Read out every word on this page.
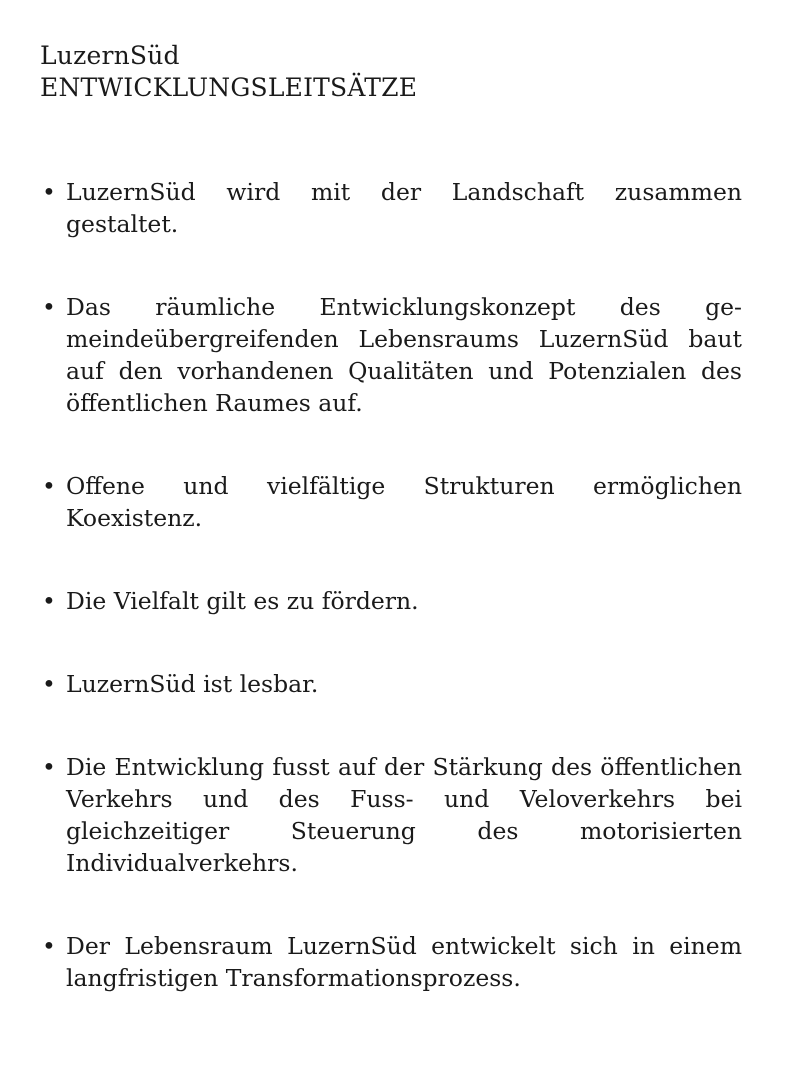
LuzernSüd
ENTWICKLUNGSLEITSÄTZE
• LuzernSüd wird mit der Landschaft zusammen gestaltet.
• Das räumliche Entwicklungskonzept des gemeindeübergreifenden Lebensraums LuzernSüd baut auf den vorhandenen Qualitäten und Potenzialen des öffentlichen Raumes auf.
• Offene und vielfältige Strukturen ermöglichen Koexistenz.
• Die Vielfalt gilt es zu fördern.
• LuzernSüd ist lesbar.
• Die Entwicklung fusst auf der Stärkung des öffentlichen Verkehrs und des Fuss- und Veloverkehrs bei gleichzeitiger Steuerung des motorisierten Individualverkehrs.
• Der Lebensraum LuzernSüd entwickelt sich in einem langfristigen Transformationsprozess.
